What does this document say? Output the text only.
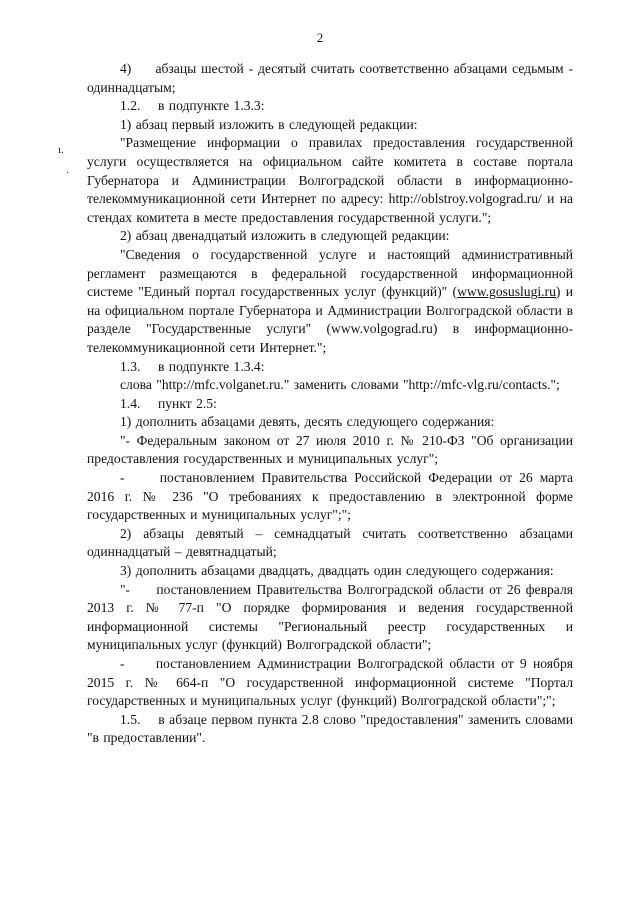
2
ı.
·

4)     абзацы шестой - десятый считать соответственно абзацами седьмым - одиннадцатым;

1.2.    в подпункте 1.3.3:

1) абзац первый изложить в следующей редакции:

"Размещение информации о правилах предоставления государственной услуги осуществляется на официальном сайте комитета в составе портала Губернатора и Администрации Волгоградской области в информационно-телекоммуникационной сети Интернет по адресу: http://oblstroy.volgograd.ru/ и на стендах комитета в месте предоставления государственной услуги.";

2) абзац двенадцатый изложить в следующей редакции:

"Сведения о государственной услуге и настоящий административный регламент размещаются в федеральной государственной информационной системе "Единый портал государственных услуг (функций)" (www.gosuslugi.ru) и на официальном портале Губернатора и Администрации Волгоградской области в разделе "Государственные услуги" (www.volgograd.ru) в информационно-телекоммуникационной сети Интернет.";

1.3.    в подпункте 1.3.4:

слова "http://mfc.volganet.ru." заменить словами "http://mfc-vlg.ru/contacts.";

1.4.    пункт 2.5:

1) дополнить абзацами девять, десять следующего содержания:

"- Федеральным законом от 27 июля 2010 г. № 210-ФЗ "Об организации предоставления государственных и муниципальных услуг";

-     постановлением Правительства Российской Федерации от 26 марта 2016 г. № 236 "О требованиях к предоставлению в электронной форме государственных и муниципальных услуг";";

2) абзацы девятый – семнадцатый считать соответственно абзацами одиннадцатый – девятнадцатый;

3) дополнить абзацами двадцать, двадцать один следующего содержания:

"-     постановлением Правительства Волгоградской области от 26 февраля 2013 г. № 77-п "О порядке формирования и ведения государственной информационной системы "Региональный реестр государственных и муниципальных услуг (функций) Волгоградской области";

-     постановлением Администрации Волгоградской области от 9 ноября 2015 г. № 664-п "О государственной информационной системе "Портал государственных и муниципальных услуг (функций) Волгоградской области";";

1.5.    в абзаце первом пункта 2.8 слово "предоставления" заменить словами "в предоставлении".
